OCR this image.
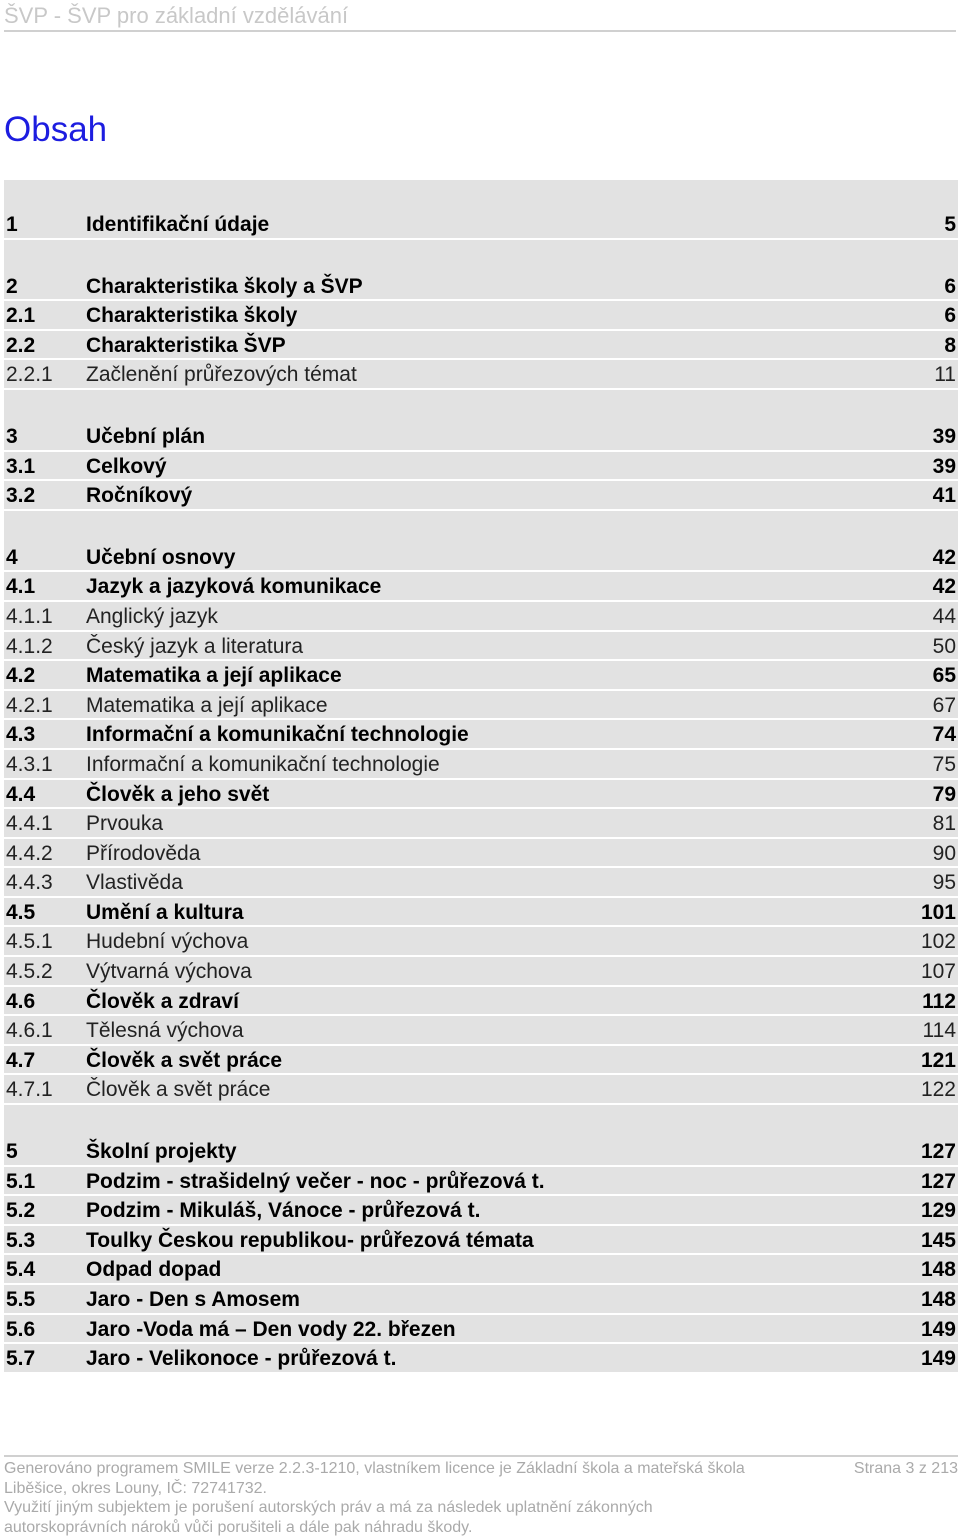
ŠVP - ŠVP pro základní vzdělávání
Obsah
1	Identifikační údaje	5
2	Charakteristika školy a ŠVP	6
2.1 Charakteristika školy	6
2.2 Charakteristika ŠVP	8
2.2.1 Začlenění průřezových témat	11
3	Učební plán	39
3.1 Celkový	39
3.2 Ročníkový	41
4	Učební osnovy	42
4.1 Jazyk a jazyková komunikace	42
4.1.1 Anglický jazyk	44
4.1.2 Český jazyk a literatura	50
4.2 Matematika a její aplikace	65
4.2.1 Matematika a její aplikace	67
4.3 Informační a komunikační technologie	74
4.3.1 Informační a komunikační technologie	75
4.4 Člověk a jeho svět	79
4.4.1 Prvouka	81
4.4.2 Přírodověda	90
4.4.3 Vlastivěda	95
4.5 Umění a kultura	101
4.5.1 Hudební výchova	102
4.5.2 Výtvarná výchova	107
4.6 Člověk a zdraví	112
4.6.1 Tělesná výchova	114
4.7 Člověk a svět práce	121
4.7.1 Člověk a svět práce	122
5	Školní projekty	127
5.1 Podzim - strašidelný večer - noc - průřezová t.	127
5.2 Podzim - Mikuláš, Vánoce - průřezová t.	129
5.3 Toulky Českou republikou- průřezová témata	145
5.4 Odpad dopad	148
5.5 Jaro - Den s Amosem	148
5.6 Jaro -Voda má – Den vody 22. březen	149
5.7 Jaro - Velikonoce - průřezová t.	149
Generováno programem SMILE verze 2.2.3-1210, vlastníkem licence je Základní škola a mateřská škola	Strana 3 z 213
Liběšice, okres Louny, IČ: 72741732.
Využití jiným subjektem je porušení autorských práv a má za následek uplatnění zákonných
autorskoprávních nároků vůči porušiteli a dále pak náhradu škody.
